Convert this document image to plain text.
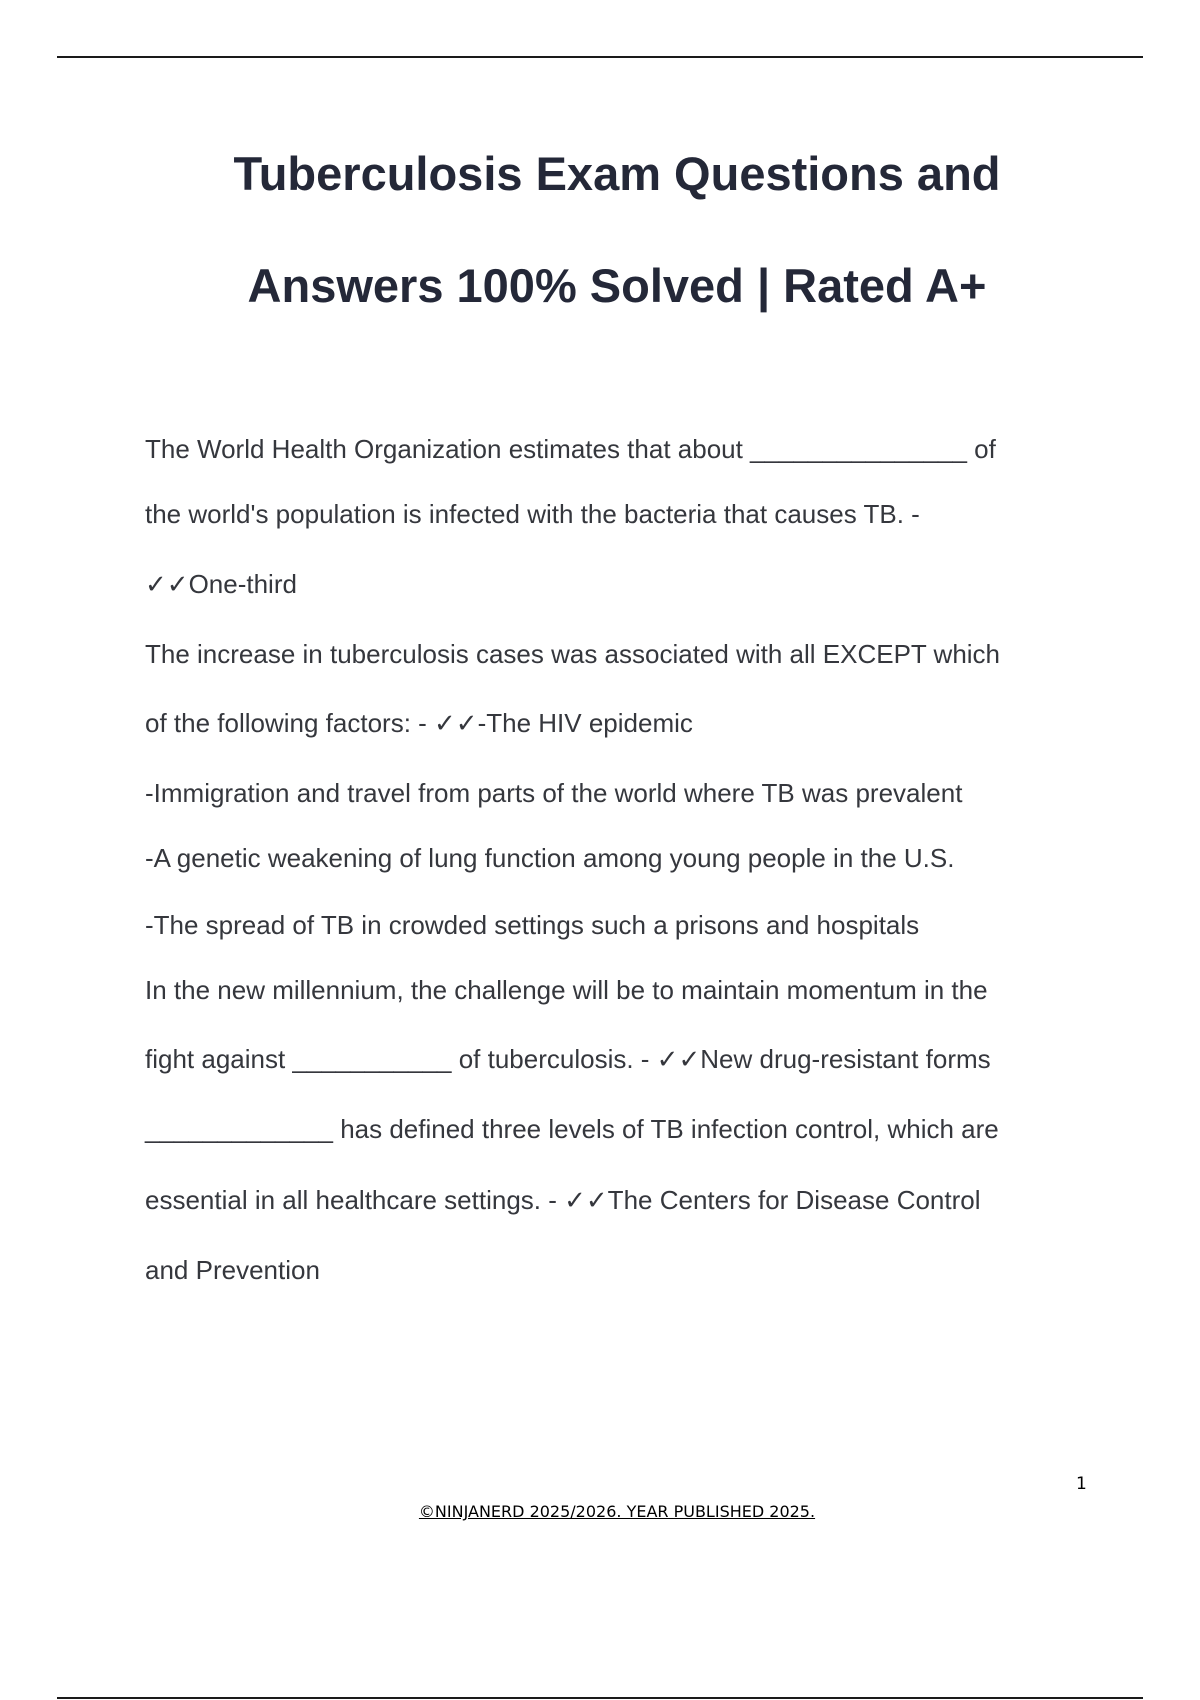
Tuberculosis Exam Questions and
Answers 100% Solved | Rated A+
The World Health Organization estimates that about _______________ of
the world's population is infected with the bacteria that causes TB. -
✓✓One-third
The increase in tuberculosis cases was associated with all EXCEPT which
of the following factors: - ✓✓-The HIV epidemic
-Immigration and travel from parts of the world where TB was prevalent
-A genetic weakening of lung function among young people in the U.S.
-The spread of TB in crowded settings such a prisons and hospitals
In the new millennium, the challenge will be to maintain momentum in the
fight against ___________ of tuberculosis. - ✓✓New drug-resistant forms
_____________ has defined three levels of TB infection control, which are
essential in all healthcare settings. - ✓✓The Centers for Disease Control
and Prevention
1
©NINJANERD 2025/2026. YEAR PUBLISHED 2025.
